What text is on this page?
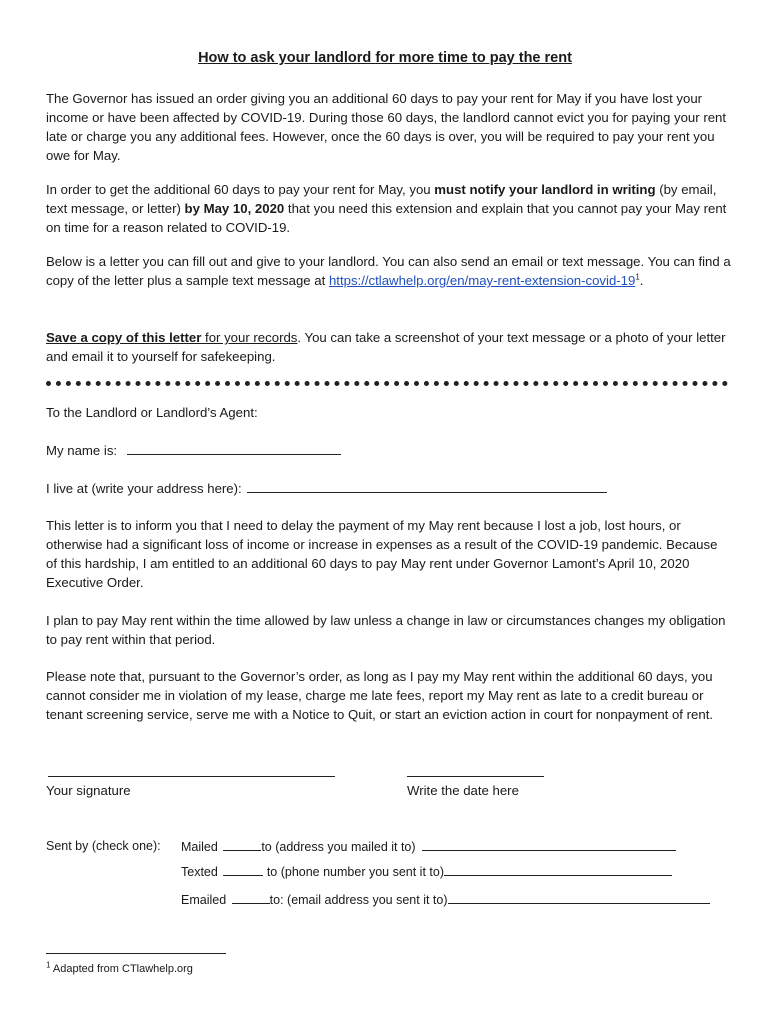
How to ask your landlord for more time to pay the rent

The Governor has issued an order giving you an additional 60 days to pay your rent for May if you have lost your income or have been affected by COVID-19. During those 60 days, the landlord cannot evict you for paying your rent late or charge you any additional fees. However, once the 60 days is over, you will be required to pay your rent you owe for May.

In order to get the additional 60 days to pay your rent for May, you must notify your landlord in writing (by email, text message, or letter) by May 10, 2020 that you need this extension and explain that you cannot pay your May rent on time for a reason related to COVID-19.

Below is a letter you can fill out and give to your landlord. You can also send an email or text message. You can find a copy of the letter plus a sample text message at $https://ctlawhelp.org/en/may-rent-extension-covid-19^1$.

Save a copy of this letter for your records. You can take a screenshot of your text message or a photo of your letter and email it to yourself for safekeeping.

To the Landlord or Landlord’s Agent:
My name is:
I live at (write your address here):

This letter is to inform you that I need to delay the payment of my May rent because I lost a job, lost hours, or otherwise had a significant loss of income or increase in expenses as a result of the COVID-19 pandemic. Because of this hardship, I am entitled to an additional 60 days to pay May rent under Governor Lamont’s April 10, 2020 Executive Order.

I plan to pay May rent within the time allowed by law unless a change in law or circumstances changes my obligation to pay rent within that period.

Please note that, pursuant to the Governor’s order, as long as I pay my May rent within the additional 60 days, you cannot consider me in violation of my lease, charge me late fees, report my May rent as late to a credit bureau or tenant screening service, serve me with a Notice to Quit, or start an eviction action in court for nonpayment of rent.

Your signature	Write the date here
Sent by (check one): Mailed	to (address you mailed it to)
Texted	to (phone number you sent it to)
Emailed	to: (email address you sent it to)
$^1$ Adapted from CTlawhelp.org
